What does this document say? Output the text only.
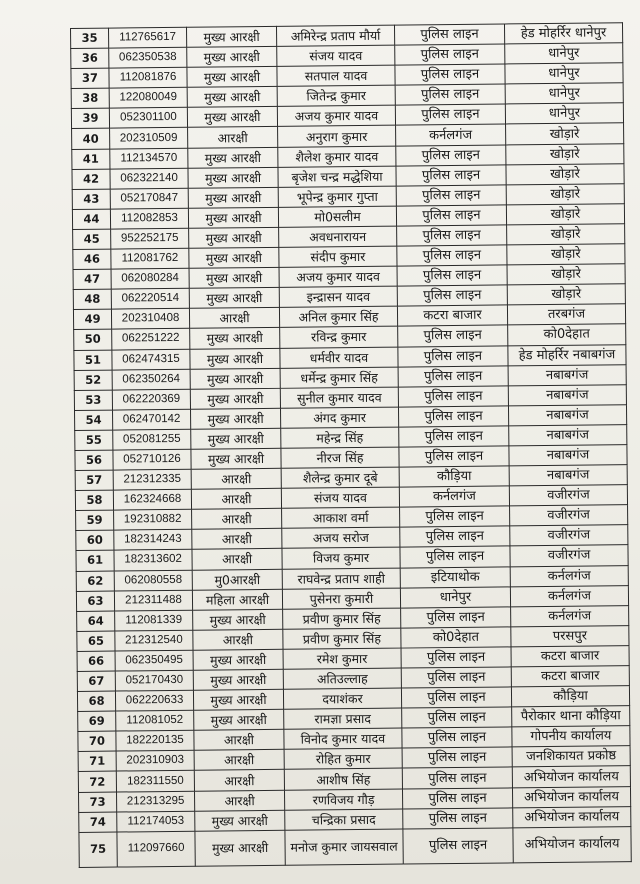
35	112765617	मुख्य आरक्षी	अमिरेन्द्र प्रताप मौर्या	पुलिस लाइन	हेड मोहर्रिर धानेपुर
36	062350538	मुख्य आरक्षी	संजय यादव	पुलिस लाइन	धानेपुर
37	112081876	मुख्य आरक्षी	सतपाल यादव	पुलिस लाइन	धानेपुर
38	122080049	मुख्य आरक्षी	जितेन्द्र कुमार	पुलिस लाइन	धानेपुर
39	052301100	मुख्य आरक्षी	अजय कुमार यादव	पुलिस लाइन	धानेपुर
40	202310509	आरक्षी	अनुराग कुमार	कर्नलगंज	खोड़ारे
41	112134570	मुख्य आरक्षी	शैलेश कुमार यादव	पुलिस लाइन	खोड़ारे
42	062322140	मुख्य आरक्षी	बृजेश चन्द्र मद्धेशिया	पुलिस लाइन	खोड़ारे
43	052170847	मुख्य आरक्षी	भूपेन्द्र कुमार गुप्ता	पुलिस लाइन	खोड़ारे
44	112082853	मुख्य आरक्षी	मो0सलीम	पुलिस लाइन	खोड़ारे
45	952252175	मुख्य आरक्षी	अवधनारायन	पुलिस लाइन	खोड़ारे
46	112081762	मुख्य आरक्षी	संदीप कुमार	पुलिस लाइन	खोड़ारे
47	062080284	मुख्य आरक्षी	अजय कुमार यादव	पुलिस लाइन	खोड़ारे
48	062220514	मुख्य आरक्षी	इन्द्रासन यादव	पुलिस लाइन	खोड़ारे
49	202310408	आरक्षी	अनिल कुमार सिंह	कटरा बाजार	तरबगंज
50	062251222	मुख्य आरक्षी	रविन्द्र कुमार	पुलिस लाइन	को0देहात
51	062474315	मुख्य आरक्षी	धर्मवीर यादव	पुलिस लाइन	हेड मोहर्रिर नबाबगंज
52	062350264	मुख्य आरक्षी	धर्मेन्द्र कुमार सिंह	पुलिस लाइन	नबाबगंज
53	062220369	मुख्य आरक्षी	सुनील कुमार यादव	पुलिस लाइन	नबाबगंज
54	062470142	मुख्य आरक्षी	अंगद कुमार	पुलिस लाइन	नबाबगंज
55	052081255	मुख्य आरक्षी	महेन्द्र सिंह	पुलिस लाइन	नबाबगंज
56	052710126	मुख्य आरक्षी	नीरज सिंह	पुलिस लाइन	नबाबगंज
57	212312335	आरक्षी	शैलेन्द्र कुमार दूबे	कौड़िया	नबाबगंज
58	162324668	आरक्षी	संजय यादव	कर्नलगंज	वजीरगंज
59	192310882	आरक्षी	आकाश वर्मा	पुलिस लाइन	वजीरगंज
60	182314243	आरक्षी	अजय सरोज	पुलिस लाइन	वजीरगंज
61	182313602	आरक्षी	विजय कुमार	पुलिस लाइन	वजीरगंज
62	062080558	मु0आरक्षी	राघवेन्द्र प्रताप शाही	इटियाथोक	कर्नलगंज
63	212311488	महिला आरक्षी	पुसेनरा कुमारी	धानेपुर	कर्नलगंज
64	112081339	मुख्य आरक्षी	प्रवीण कुमार सिंह	पुलिस लाइन	कर्नलगंज
65	212312540	आरक्षी	प्रवीण कुमार सिंह	को0देहात	परसपुर
66	062350495	मुख्य आरक्षी	रमेश कुमार	पुलिस लाइन	कटरा बाजार
67	052170430	मुख्य आरक्षी	अतिउल्लाह	पुलिस लाइन	कटरा बाजार
68	062220633	मुख्य आरक्षी	दयाशंकर	पुलिस लाइन	कौड़िया
69	112081052	मुख्य आरक्षी	रामज्ञा प्रसाद	पुलिस लाइन	पैरोकार थाना कौड़िया
70	182220135	आरक्षी	विनोद कुमार यादव	पुलिस लाइन	गोपनीय कार्यालय
71	202310903	आरक्षी	रोहित कुमार	पुलिस लाइन	जनशिकायत प्रकोष्ठ
72	182311550	आरक्षी	आशीष सिंह	पुलिस लाइन	अभियोजन कार्यालय
73	212313295	आरक्षी	रणविजय गौड़	पुलिस लाइन	अभियोजन कार्यालय
74	112174053	मुख्य आरक्षी	चन्द्रिका प्रसाद	पुलिस लाइन	अभियोजन कार्यालय
75	112097660	मुख्य आरक्षी	मनोज कुमार जायसवाल	पुलिस लाइन	अभियोजन कार्यालय
